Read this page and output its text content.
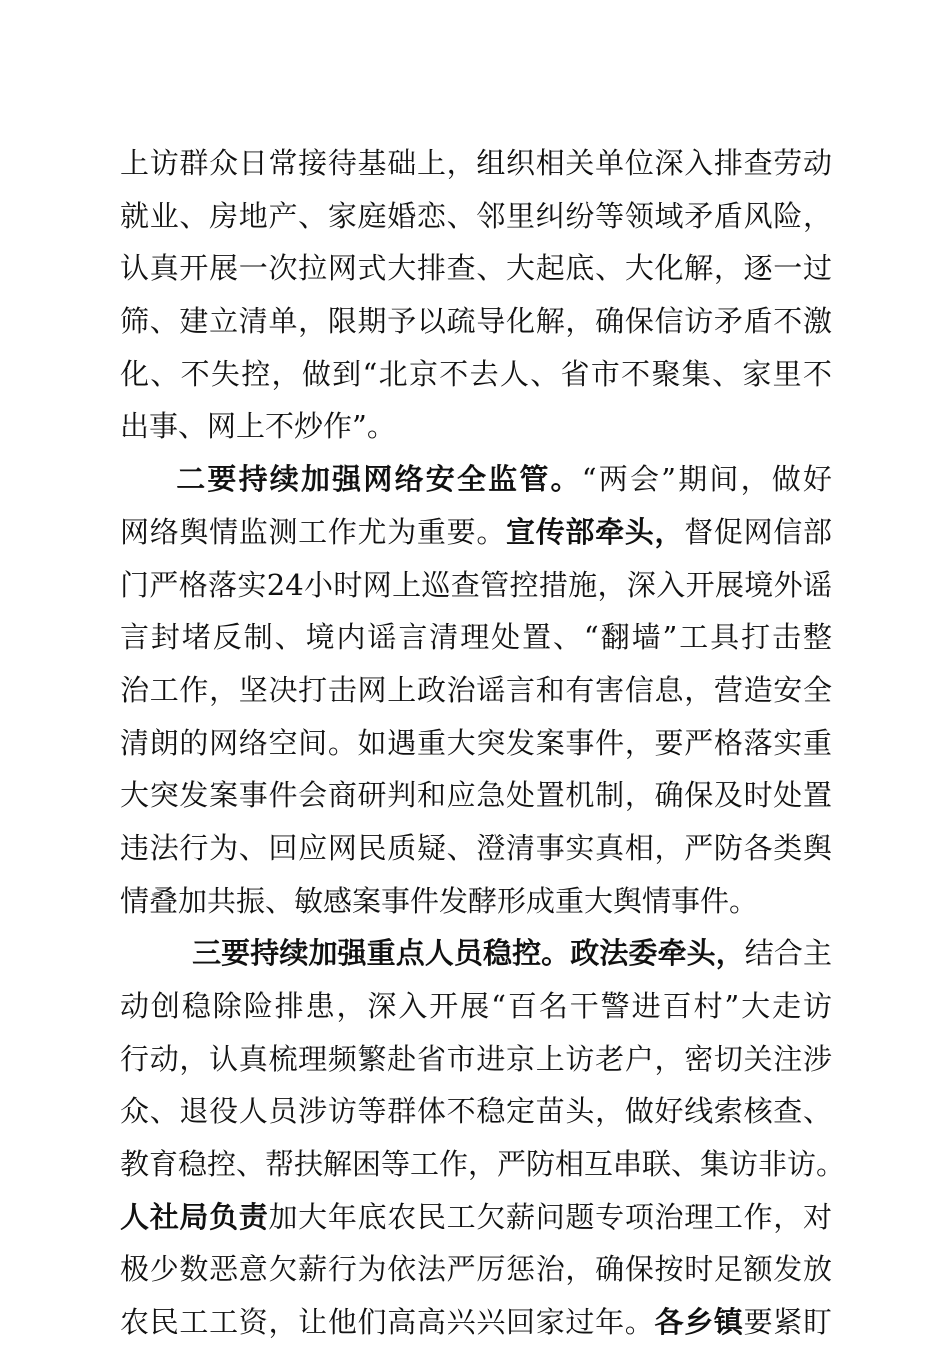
上访群众日常接待基础上，组织相关单位深入排查劳动
就业、房地产、家庭婚恋、邻里纠纷等领域矛盾风险，
认真开展一次拉网式大排查、大起底、大化解，逐一过
筛、建立清单，限期予以疏导化解，确保信访矛盾不激
化、不失控，做到“北京不去人、省市不聚集、家里不
出事、网上不炒作”。
二要持续加强网络安全监管。“两会”期间，做好
网络舆情监测工作尤为重要。宣传部牵头，督促网信部
门严格落实24小时网上巡查管控措施，深入开展境外谣
言封堵反制、境内谣言清理处置、“翻墙”工具打击整
治工作，坚决打击网上政治谣言和有害信息，营造安全
清朗的网络空间。如遇重大突发案事件，要严格落实重
大突发案事件会商研判和应急处置机制，确保及时处置
违法行为、回应网民质疑、澄清事实真相，严防各类舆
情叠加共振、敏感案事件发酵形成重大舆情事件。
三要持续加强重点人员稳控。政法委牵头，结合主
动创稳除险排患，深入开展“百名干警进百村”大走访
行动，认真梳理频繁赴省市进京上访老户，密切关注涉
众、退役人员涉访等群体不稳定苗头，做好线索核查、
教育稳控、帮扶解困等工作，严防相互串联、集访非访。
人社局负责加大年底农民工欠薪问题专项治理工作，对
极少数恶意欠薪行为依法严厉惩治，确保按时足额发放
农民工工资，让他们高高兴兴回家过年。各乡镇要紧盯
